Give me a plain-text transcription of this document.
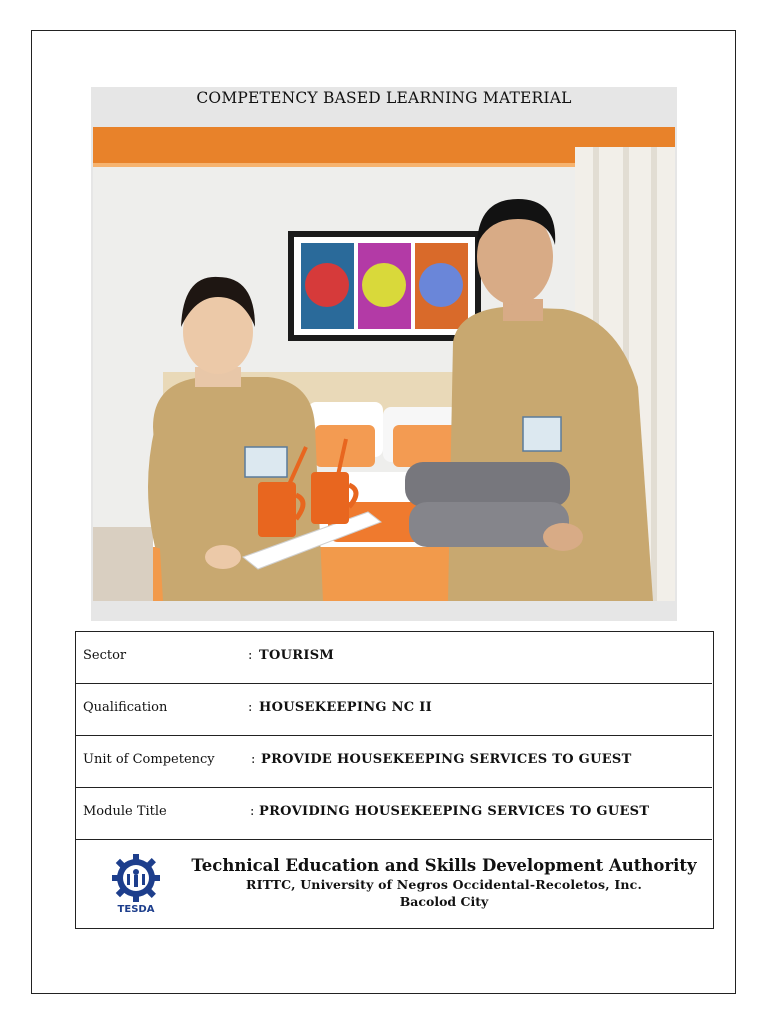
COMPETENCY BASED LEARNING MATERIAL
Sector	: TOURISM
Qualification	: HOUSEKEEPING NC II
Unit of Competency	: PROVIDE HOUSEKEEPING SERVICES TO GUEST
Module Title	: PROVIDING HOUSEKEEPING SERVICES TO GUEST
TESDA
Technical Education and Skills Development Authority
RITTC, University of Negros Occidental-Recoletos, Inc.
Bacolod City
